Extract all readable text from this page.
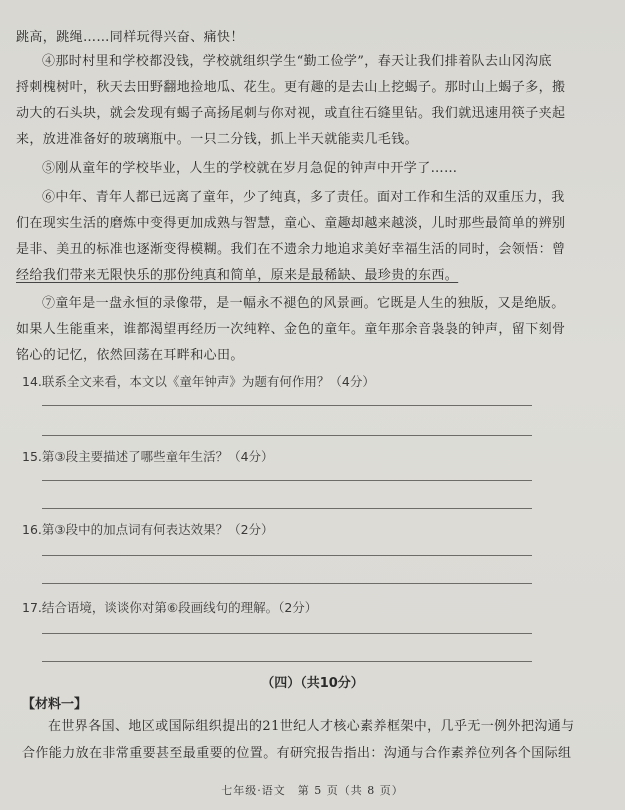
跳高，跳绳……同样玩得兴奋、痛快！

④那时村里和学校都没钱，学校就组织学生“勤工俭学”，春天让我们排着队去山冈沟底

捋刺槐树叶，秋天去田野翻地捡地瓜、花生。更有趣的是去山上挖蝎子。那时山上蝎子多，搬

动大的石头块，就会发现有蝎子高扬尾刺与你对视，或直往石缝里钻。我们就迅速用筷子夹起

来，放进准备好的玻璃瓶中。一只二分钱，抓上半天就能卖几毛钱。

⑤刚从童年的学校毕业，人生的学校就在岁月急促的钟声中开学了……

⑥中年、青年人都已远离了童年，少了纯真，多了责任。面对工作和生活的双重压力，我

们在现实生活的磨炼中变得更加成熟与智慧，童心、童趣却越来越淡，儿时那些最简单的辨别

是非、美丑的标准也逐渐变得模糊。我们在不遗余力地追求美好幸福生活的同时，会领悟：曾

经给我们带来无限快乐的那份纯真和简单，原来是最稀缺、最珍贵的东西。

⑦童年是一盘永恒的录像带，是一幅永不褪色的风景画。它既是人生的独版，又是绝版。

如果人生能重来，谁都渴望再经历一次纯粹、金色的童年。童年那余音袅袅的钟声，留下刻骨

铭心的记忆，依然回荡在耳畔和心田。

14.联系全文来看，本文以《童年钟声》为题有何作用？（4分）
15.第③段主要描述了哪些童年生活？（4分）
16.第③段中的加点词有何表达效果？（2分）
17.结合语境，谈谈你对第⑥段画线句的理解。（2分）
（四）（共10分）
【材料一】

在世界各国、地区或国际组织提出的21世纪人才核心素养框架中，几乎无一例外把沟通与

合作能力放在非常重要甚至最重要的位置。有研究报告指出：沟通与合作素养位列各个国际组

七年级·语文　第 5 页（共 8 页）
